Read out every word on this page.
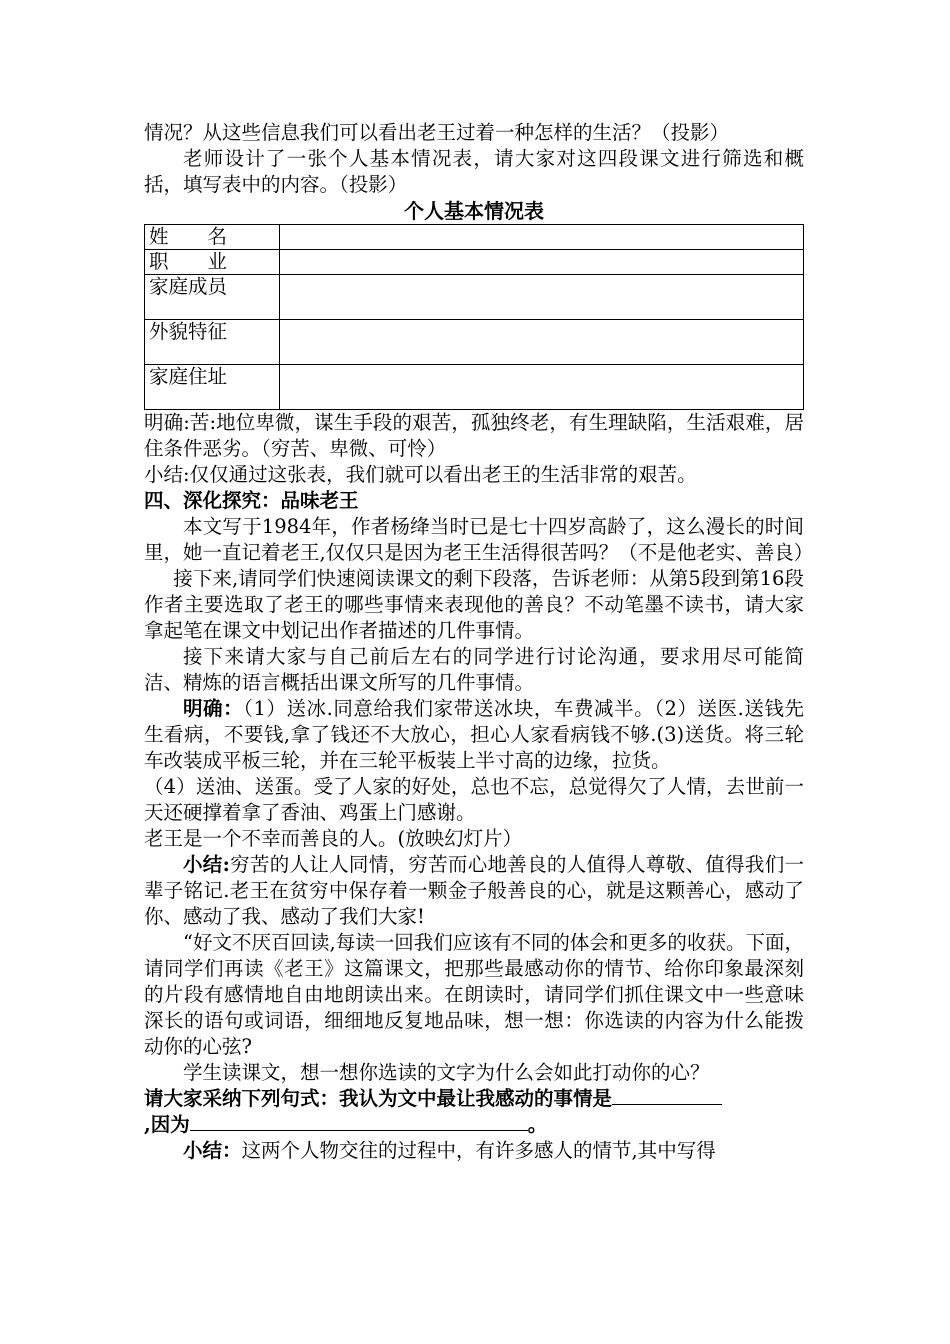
情况？从这些信息我们可以看出老王过着一种怎样的生活？（投影）

老师设计了一张个人基本情况表，请大家对这四段课文进行筛选和概括，填写表中的内容。（投影）

个人基本情况表

姓　　名	
职　　业	
家庭成员	
外貌特征	
家庭住址	

明确:苦:地位卑微，谋生手段的艰苦，孤独终老，有生理缺陷，生活艰难，居住条件恶劣。（穷苦、卑微、可怜）

小结:仅仅通过这张表，我们就可以看出老王的生活非常的艰苦。

四、深化探究：品味老王

本文写于1984年，作者杨绛当时已是七十四岁高龄了，这么漫长的时间里，她一直记着老王,仅仅只是因为老王生活得很苦吗？（不是他老实、善良）

接下来,请同学们快速阅读课文的剩下段落，告诉老师：从第5段到第16段作者主要选取了老王的哪些事情来表现他的善良？不动笔墨不读书，请大家拿起笔在课文中划记出作者描述的几件事情。

接下来请大家与自己前后左右的同学进行讨论沟通，要求用尽可能简洁、精炼的语言概括出课文所写的几件事情。

明确：（1）送冰.同意给我们家带送冰块，车费减半。（2）送医.送钱先生看病，不要钱,拿了钱还不大放心，担心人家看病钱不够.(3)送货。将三轮车改装成平板三轮，并在三轮平板装上半寸高的边缘，拉货。

（4）送油、送蛋。受了人家的好处，总也不忘，总觉得欠了人情，去世前一天还硬撑着拿了香油、鸡蛋上门感谢。

老王是一个不幸而善良的人。(放映幻灯片）

小结:穷苦的人让人同情，穷苦而心地善良的人值得人尊敬、值得我们一辈子铭记.老王在贫穷中保存着一颗金子般善良的心，就是这颗善心，感动了你、感动了我、感动了我们大家!

“好文不厌百回读,每读一回我们应该有不同的体会和更多的收获。下面，请同学们再读《老王》这篇课文，把那些最感动你的情节、给你印象最深刻的片段有感情地自由地朗读出来。在朗读时，请同学们抓住课文中一些意味深长的语句或词语，细细地反复地品味，想一想：你选读的内容为什么能拨动你的心弦?

学生读课文，想一想你选读的文字为什么会如此打动你的心？

请大家采纳下列句式：我认为文中最让我感动的事情是
,因为	。

小结：这两个人物交往的过程中，有许多感人的情节,其中写得
